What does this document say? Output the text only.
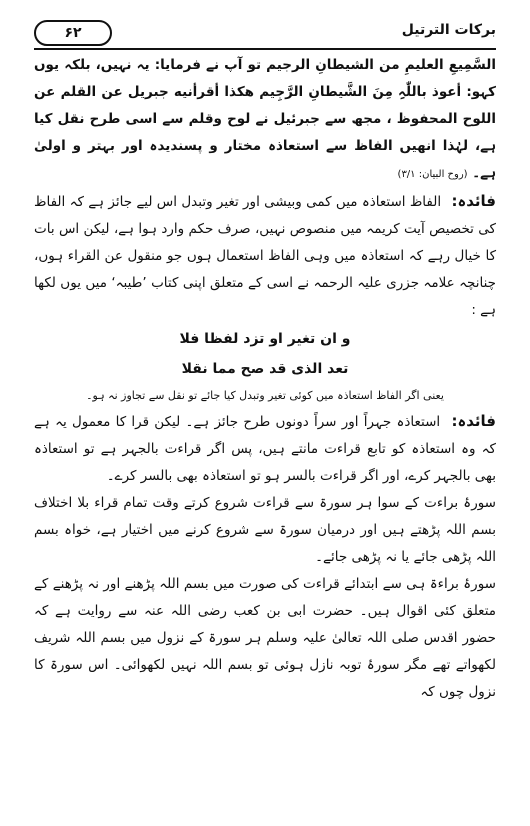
برکات الترتیل
۶۲

السَّمِيعِ العليمِ من الشيطانِ الرجيم تو آپ نے فرمایا: یہ نہیں، بلکہ یوں کہو: أعوذ باللّٰہِ مِنَ الشَّيطانِ الرَّجِيم هكذا أقرأنيه جبريل عن القلم عن اللوح المحفوظ ، مجھ سے جبرئیل نے لوح وقلم سے اسی طرح نقل کیا ہے، لہٰذا انھیں الفاظ سے استعاذہ مختار و پسندیدہ اور بہتر و اولیٰ ہے۔ (روح البیان: ۳/۱)

فائدہ: الفاظ استعاذہ میں کمی وبیشی اور تغیر وتبدل اس لیے جائز ہے کہ الفاظ کی تخصیص آیت کریمہ میں منصوص نہیں، صرف حکم وارد ہوا ہے، لیکن اس بات کا خیال رہے کہ استعاذہ میں وہی الفاظ استعمال ہوں جو منقول عن القراء ہوں، چنانچہ علامہ جزری علیہ الرحمہ نے اسی کے متعلق اپنی کتاب ’طیبہ‘ میں یوں لکھا ہے :

و ان تغير او تزد لفظا فلا

تعد الذى قد صح مما نقلا

یعنی اگر الفاظ استعاذہ میں کوئی تغیر وتبدل کیا جائے تو نقل سے تجاوز نہ ہو۔

فائدہ: استعاذہ جہراً اور سراً دونوں طرح جائز ہے۔ لیکن قرا کا معمول یہ ہے کہ وہ استعاذہ کو تابع قراءت مانتے ہیں، پس اگر قراءت بالجہر ہے تو استعاذہ بھی بالجہر کرے، اور اگر قراءت بالسر ہو تو استعاذہ بھی بالسر کرے۔

سورۂ براءت کے سوا ہر سورۃ سے قراءت شروع کرتے وقت تمام قراء بلا اختلاف بسم اللہ پڑھتے ہیں اور درمیان سورۃ سے شروع کرنے میں اختیار ہے، خواہ بسم اللہ پڑھی جائے یا نہ پڑھی جائے۔

سورۂ براءۃ ہی سے ابتدائے قراءت کی صورت میں بسم اللہ پڑھنے اور نہ پڑھنے کے متعلق کئی اقوال ہیں۔ حضرت ابی بن کعب رضی اللہ عنہ سے روایت ہے کہ حضور اقدس صلی اللہ تعالیٰ علیہ وسلم ہر سورۃ کے نزول میں بسم اللہ شریف لکھواتے تھے مگر سورۂ توبہ نازل ہوئی تو بسم اللہ نہیں لکھوائی۔ اس سورۃ کا نزول چوں کہ
